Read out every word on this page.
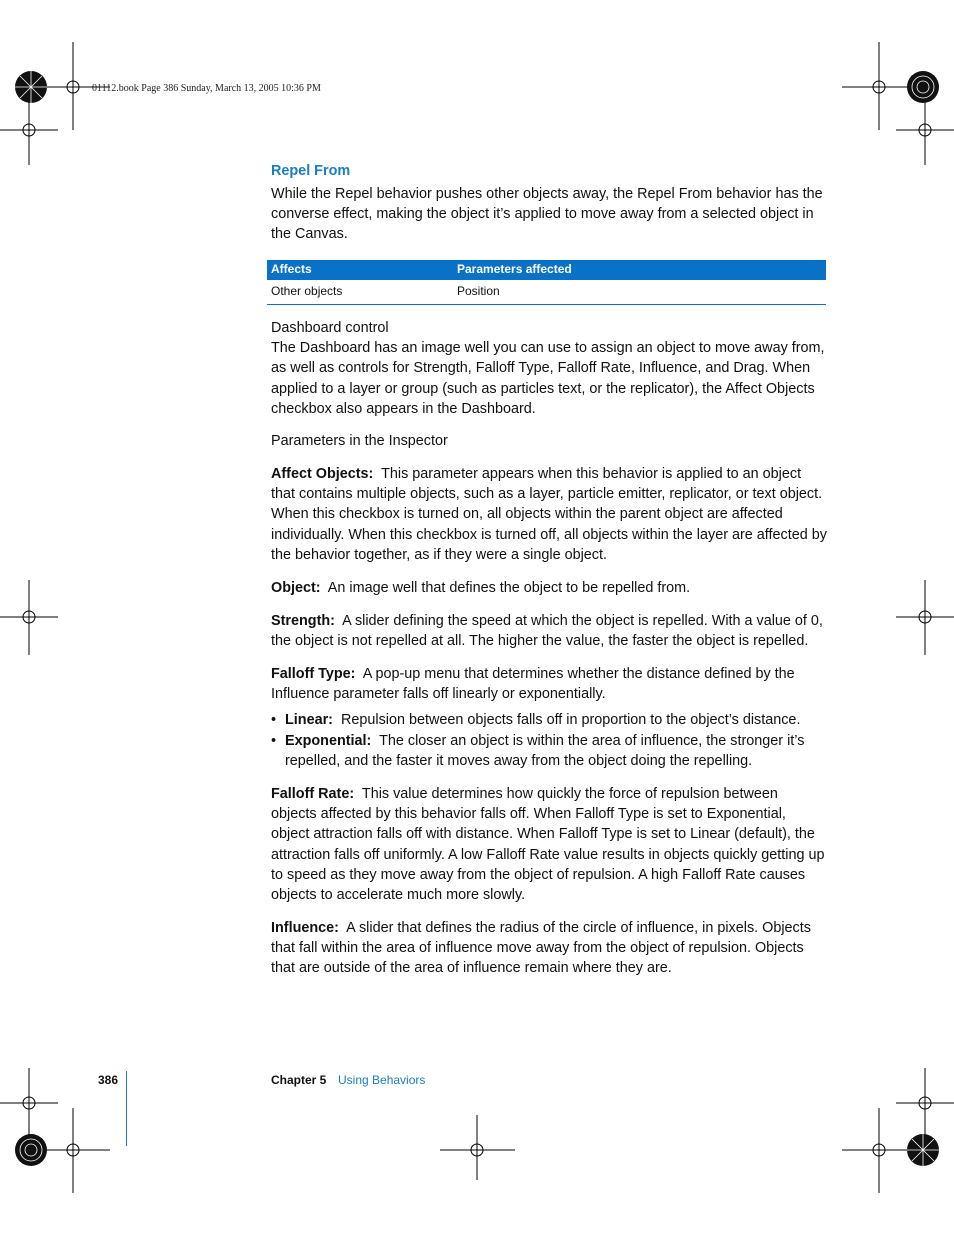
01112.book Page 386 Sunday, March 13, 2005 10:36 PM
Repel From

While the Repel behavior pushes other objects away, the Repel From behavior has the converse effect, making the object it’s applied to move away from a selected object in the Canvas.

Affects	Parameters affected
Other objects	Position

Dashboard control

The Dashboard has an image well you can use to assign an object to move away from, as well as controls for Strength, Falloff Type, Falloff Rate, Influence, and Drag. When applied to a layer or group (such as particles text, or the replicator), the Affect Objects checkbox also appears in the Dashboard.

Parameters in the Inspector

Affect Objects: This parameter appears when this behavior is applied to an object that contains multiple objects, such as a layer, particle emitter, replicator, or text object. When this checkbox is turned on, all objects within the parent object are affected individually. When this checkbox is turned off, all objects within the layer are affected by the behavior together, as if they were a single object.

Object: An image well that defines the object to be repelled from.

Strength: A slider defining the speed at which the object is repelled. With a value of 0, the object is not repelled at all. The higher the value, the faster the object is repelled.

Falloff Type: A pop-up menu that determines whether the distance defined by the Influence parameter falls off linearly or exponentially.

• Linear: Repulsion between objects falls off in proportion to the object’s distance.
• Exponential: The closer an object is within the area of influence, the stronger it’s repelled, and the faster it moves away from the object doing the repelling.

Falloff Rate: This value determines how quickly the force of repulsion between objects affected by this behavior falls off. When Falloff Type is set to Exponential, object attraction falls off with distance. When Falloff Type is set to Linear (default), the attraction falls off uniformly. A low Falloff Rate value results in objects quickly getting up to speed as they move away from the object of repulsion. A high Falloff Rate causes objects to accelerate much more slowly.

Influence: A slider that defines the radius of the circle of influence, in pixels. Objects that fall within the area of influence move away from the object of repulsion. Objects that are outside of the area of influence remain where they are.

386	Chapter 5 Using Behaviors
